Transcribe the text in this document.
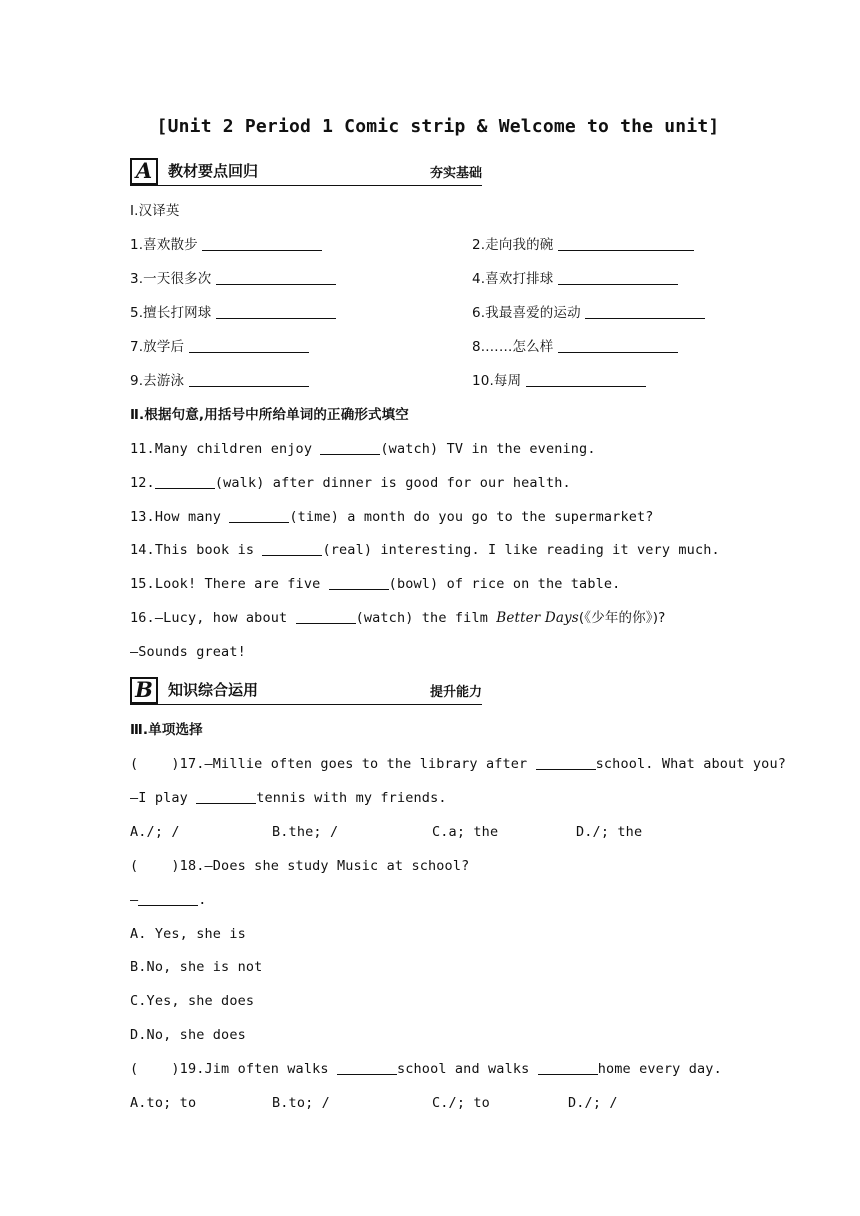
[Unit 2 Period 1 Comic strip & Welcome to the unit]
A	教材要点回归	夯实基础
Ⅰ.汉译英
1.喜欢散步	2.走向我的碗
3.一天很多次	4.喜欢打排球
5.擅长打网球	6.我最喜爱的运动
7.放学后	8.……怎么样
9.去游泳	10.每周
Ⅱ.根据句意,用括号中所给单词的正确形式填空
11.Many children enjoy	(watch) TV in the evening.
12.	(walk) after dinner is good for our health.
13.How many	(time) a month do you go to the supermarket?
14.This book is	(real) interesting. I like reading it very much.
15.Look! There are five	(bowl) of rice on the table.
16.—Lucy, how about	(watch) the film Better Days(《少年的你》)?
—Sounds great!
B	知识综合运用	提升能力
Ⅲ.单项选择
(    )17.—Millie often goes to the library after	school. What about you?
—I play	tennis with my friends.
A./; /	B.the; /	C.a; the	D./; the
(    )18.—Does she study Music at school?
—	.
A. Yes, she is
B.No, she is not
C.Yes, she does
D.No, she does
(    )19.Jim often walks	school and walks	home every day.
A.to; to	B.to; /	C./; to	D./; /
